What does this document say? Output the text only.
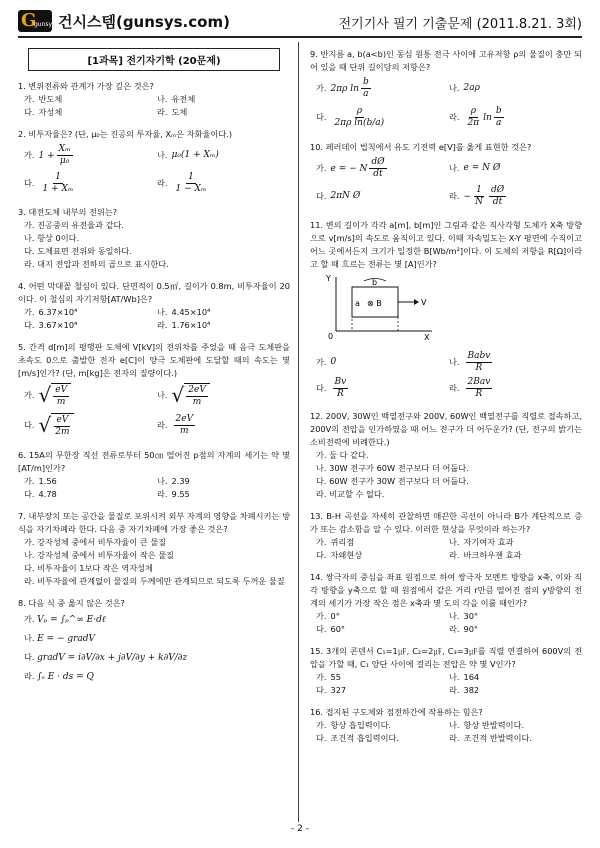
G
gunsys 건시스템(gunsys.com)	전기기사 필기 기출문제 (2011.8.21. 3회)
[1과목] 전기자기학 (20문제)
1. 변위전류와 관계가 가장 깊은 것은?
가. 반도체	나. 유전체
다. 자성체	라. 도체
2. 비투자율은? (단, μ₀는 진공의 투자율, Xₘ은 자화율이다.)
가. $1 + \frac{\text{Xₘ}}{\text{μ₀}}$	나. μ₀(1 + Xₘ)
다. $\frac{1}{\text{1 + Xₘ}}$	라. $\frac{1}{\text{1 − Xₘ}}$
3. 대전도체 내부의 전위는?
가. 진공중의 유전율과 같다.
나. 항상 0이다.
다. 도체표면 전위와 동일하다.
라. 대지 전압과 전하의 곱으로 표시한다.
4. 어떤 막대꼴 철심이 있다. 단면적이 0.5㎡, 길이가 0.8m, 비투자율이 20이다. 이 철심의 자기저항[AT/Wb]은?
가. 6.37×10⁴	나. 4.45×10⁴
다. 3.67×10⁴	라. 1.76×10⁴
5. 간격 d[m]의 평행판 도체에 V[kV]의 전위차를 주었을 때 음극 도체판을 초속도 0으로 출발한 전자 e[C]이 양극 도체판에 도달할 때의 속도는 몇 [m/s]인가? (단, m[kg]은 전자의 질량이다.)
가. √ $\frac{eV}{m}$	나. √ $\frac{2eV}{m}$
다. √ $\frac{eV}{2m}$	라. $\frac{2eV}{m}$
6. 15A의 무한장 직선 전류로부터 50㎝ 떨어진 p점의 자계의 세기는 약 몇 [AT/m]인가?
가. 1.56	나. 2.39
다. 4.78	라. 9.55
7. 내부장치 또는 공간을 물질로 포위시켜 외부 자계의 영향을 차폐시키는 방식을 자기차폐라 한다. 다음 중 자기차폐에 가장 좋은 것은?
가. 강자성체 중에서 비투자율이 큰 물질
나. 강자성체 중에서 비투자율이 작은 물질
다. 비투자율이 1보다 작은 역자성체
라. 비투자율에 관계없이 물질의 두께에만 관계되므로 되도록 두꺼운 물질
8. 다음 식 중 옳지 않은 것은?
가. Vₚ = ∫ₚ^∞ E·dℓ
나. E = − gradV
다. gradV = i∂V/∂x + j∂V/∂y + k∂V/∂z
라. ∫ₛ E · ds = Q
9. 반지름 a, b(a<b)인 동심 원통 전극 사이에 고유저항 ρ의 물질이 충만 되어 있을 때 단위 길이당의 저항은?
가. 2πρ $\ln \frac{b}{a}$	나. 2aρ
다. $\frac{\rho}{\text{2πρ ln(b/a)}}$	라. $\frac{\rho}{2\pi}$ $\ln \frac{b}{a}$
10. 페러데이 법칙에서 유도 기전력 e[V]를 옳게 표현한 것은?
가. e = − N $\frac{dØ}{dt}$	나. e = N Ø
다. 2πN Ø	라. − $\frac{1}{N} \frac{dØ}{dt}$
11. 변의 길이가 각각 a[m], b[m]인 그림과 같은 직사각형 도체가 X축 방향으로 v[m/s]의 속도로 움직이고 있다. 이때 자속밀도는 X-Y 평면에 수직이고 어느 곳에서든지 크기가 일정한 B[Wb/m²]이다. 이 도체의 저항을 R[Ω]이라고 할 때 흐르는 전류는 몇 [A]인가?
Y
X
0
b
a ⊗ B	V
가. 0	나. $\frac{\text{Babv}}{R}$
다. $\frac{Bv}{R}$	라. $\frac{\text{2Bav}}{R}$
12. 200V, 30W인 백열전구와 200V, 60W인 백열전구를 직렬로 접속하고, 200V의 전압을 인가하였을 때 어느 전구가 더 어두운가? (단, 전구의 밝기는 소비전력에 비례한다.)
가. 둘 다 같다.
나. 30W 전구가 60W 전구보다 더 어둡다.
다. 60W 전구가 30W 전구보다 더 어둡다.
라. 비교할 수 없다.
13. B-H 곡선을 자세히 관찰하면 매끈한 곡선이 아니라 B가 계단적으로 증가 또는 감소함을 알 수 있다. 이러한 현상을 무엇이라 하는가?
가. 퀴리점	나. 자기여자 효과
다. 자왜현상	라. 바크하우젠 효과
14. 쌍극자의 중심을 좌표 원점으로 하여 쌍극자 모멘트 방향을 x축, 이와 직각 방향을 y축으로 할 때 원점에서 같은 거리 r만큼 떨어진 점의 y방향의 전계의 세기가 가장 작은 점은 x축과 몇 도의 각을 이룰 때인가?
가. 0°	나. 30°
다. 60°	라. 90°
15. 3개의 콘덴서 C₁=1㎌, C₂=2㎌, C₃=3㎌를 직렬 연결하여 600V의 전압을 가할 때, C₁ 양단 사이에 걸리는 전압은 약 몇 V인가?
가. 55	나. 164
다. 327	라. 382
16. 접지된 구도체와 점전하간에 작용하는 힘은?
가. 항상 흡입력이다.	나. 항상 반발력이다.
다. 조건적 흡입력이다.	라. 조건적 반발력이다.
- 2 -
